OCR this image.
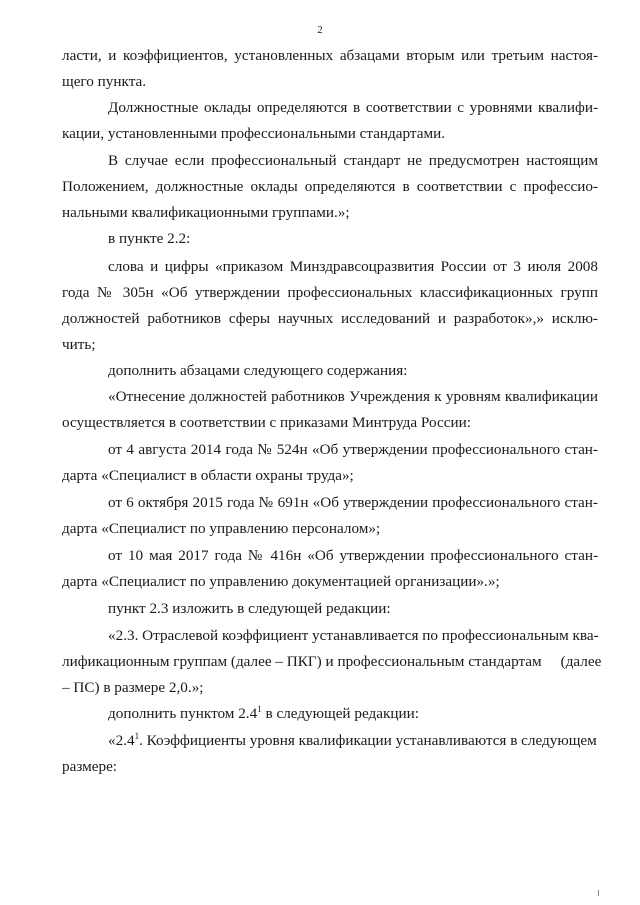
2
ласти, и коэффициентов, установленных абзацами вторым или третьим настоя-
щего пункта.
Должностные оклады определяются в соответствии с уровнями квалифи-
кации, установленными профессиональными стандартами.
В случае если профессиональный стандарт не предусмотрен настоящим
Положением, должностные оклады определяются в соответствии с профессио-
нальными квалификационными группами.»;
в пункте 2.2:
слова и цифры «приказом Минздравсоцразвития России от 3 июля 2008
года № 305н «Об утверждении профессиональных классификационных групп
должностей работников сферы научных исследований и разработок»,» исклю-
чить;
дополнить абзацами следующего содержания:
«Отнесение должностей работников Учреждения к уровням квалификации
осуществляется в соответствии с приказами Минтруда России:
от 4 августа 2014 года № 524н «Об утверждении профессионального стан-
дарта «Специалист в области охраны труда»;
от 6 октября 2015 года № 691н «Об утверждении профессионального стан-
дарта «Специалист по управлению персоналом»;
от 10 мая 2017 года № 416н «Об утверждении профессионального стан-
дарта «Специалист по управлению документацией организации».»;
пункт 2.3 изложить в следующей редакции:
«2.3. Отраслевой коэффициент устанавливается по профессиональным ква-
лификационным группам (далее – ПКГ) и профессиональным стандартам     (далее
– ПС) в размере 2,0.»;
дополнить пунктом $2.4^1$ в следующей редакции:
«$2.4^1$. Коэффициенты уровня квалификации устанавливаются в следующем
размере:
